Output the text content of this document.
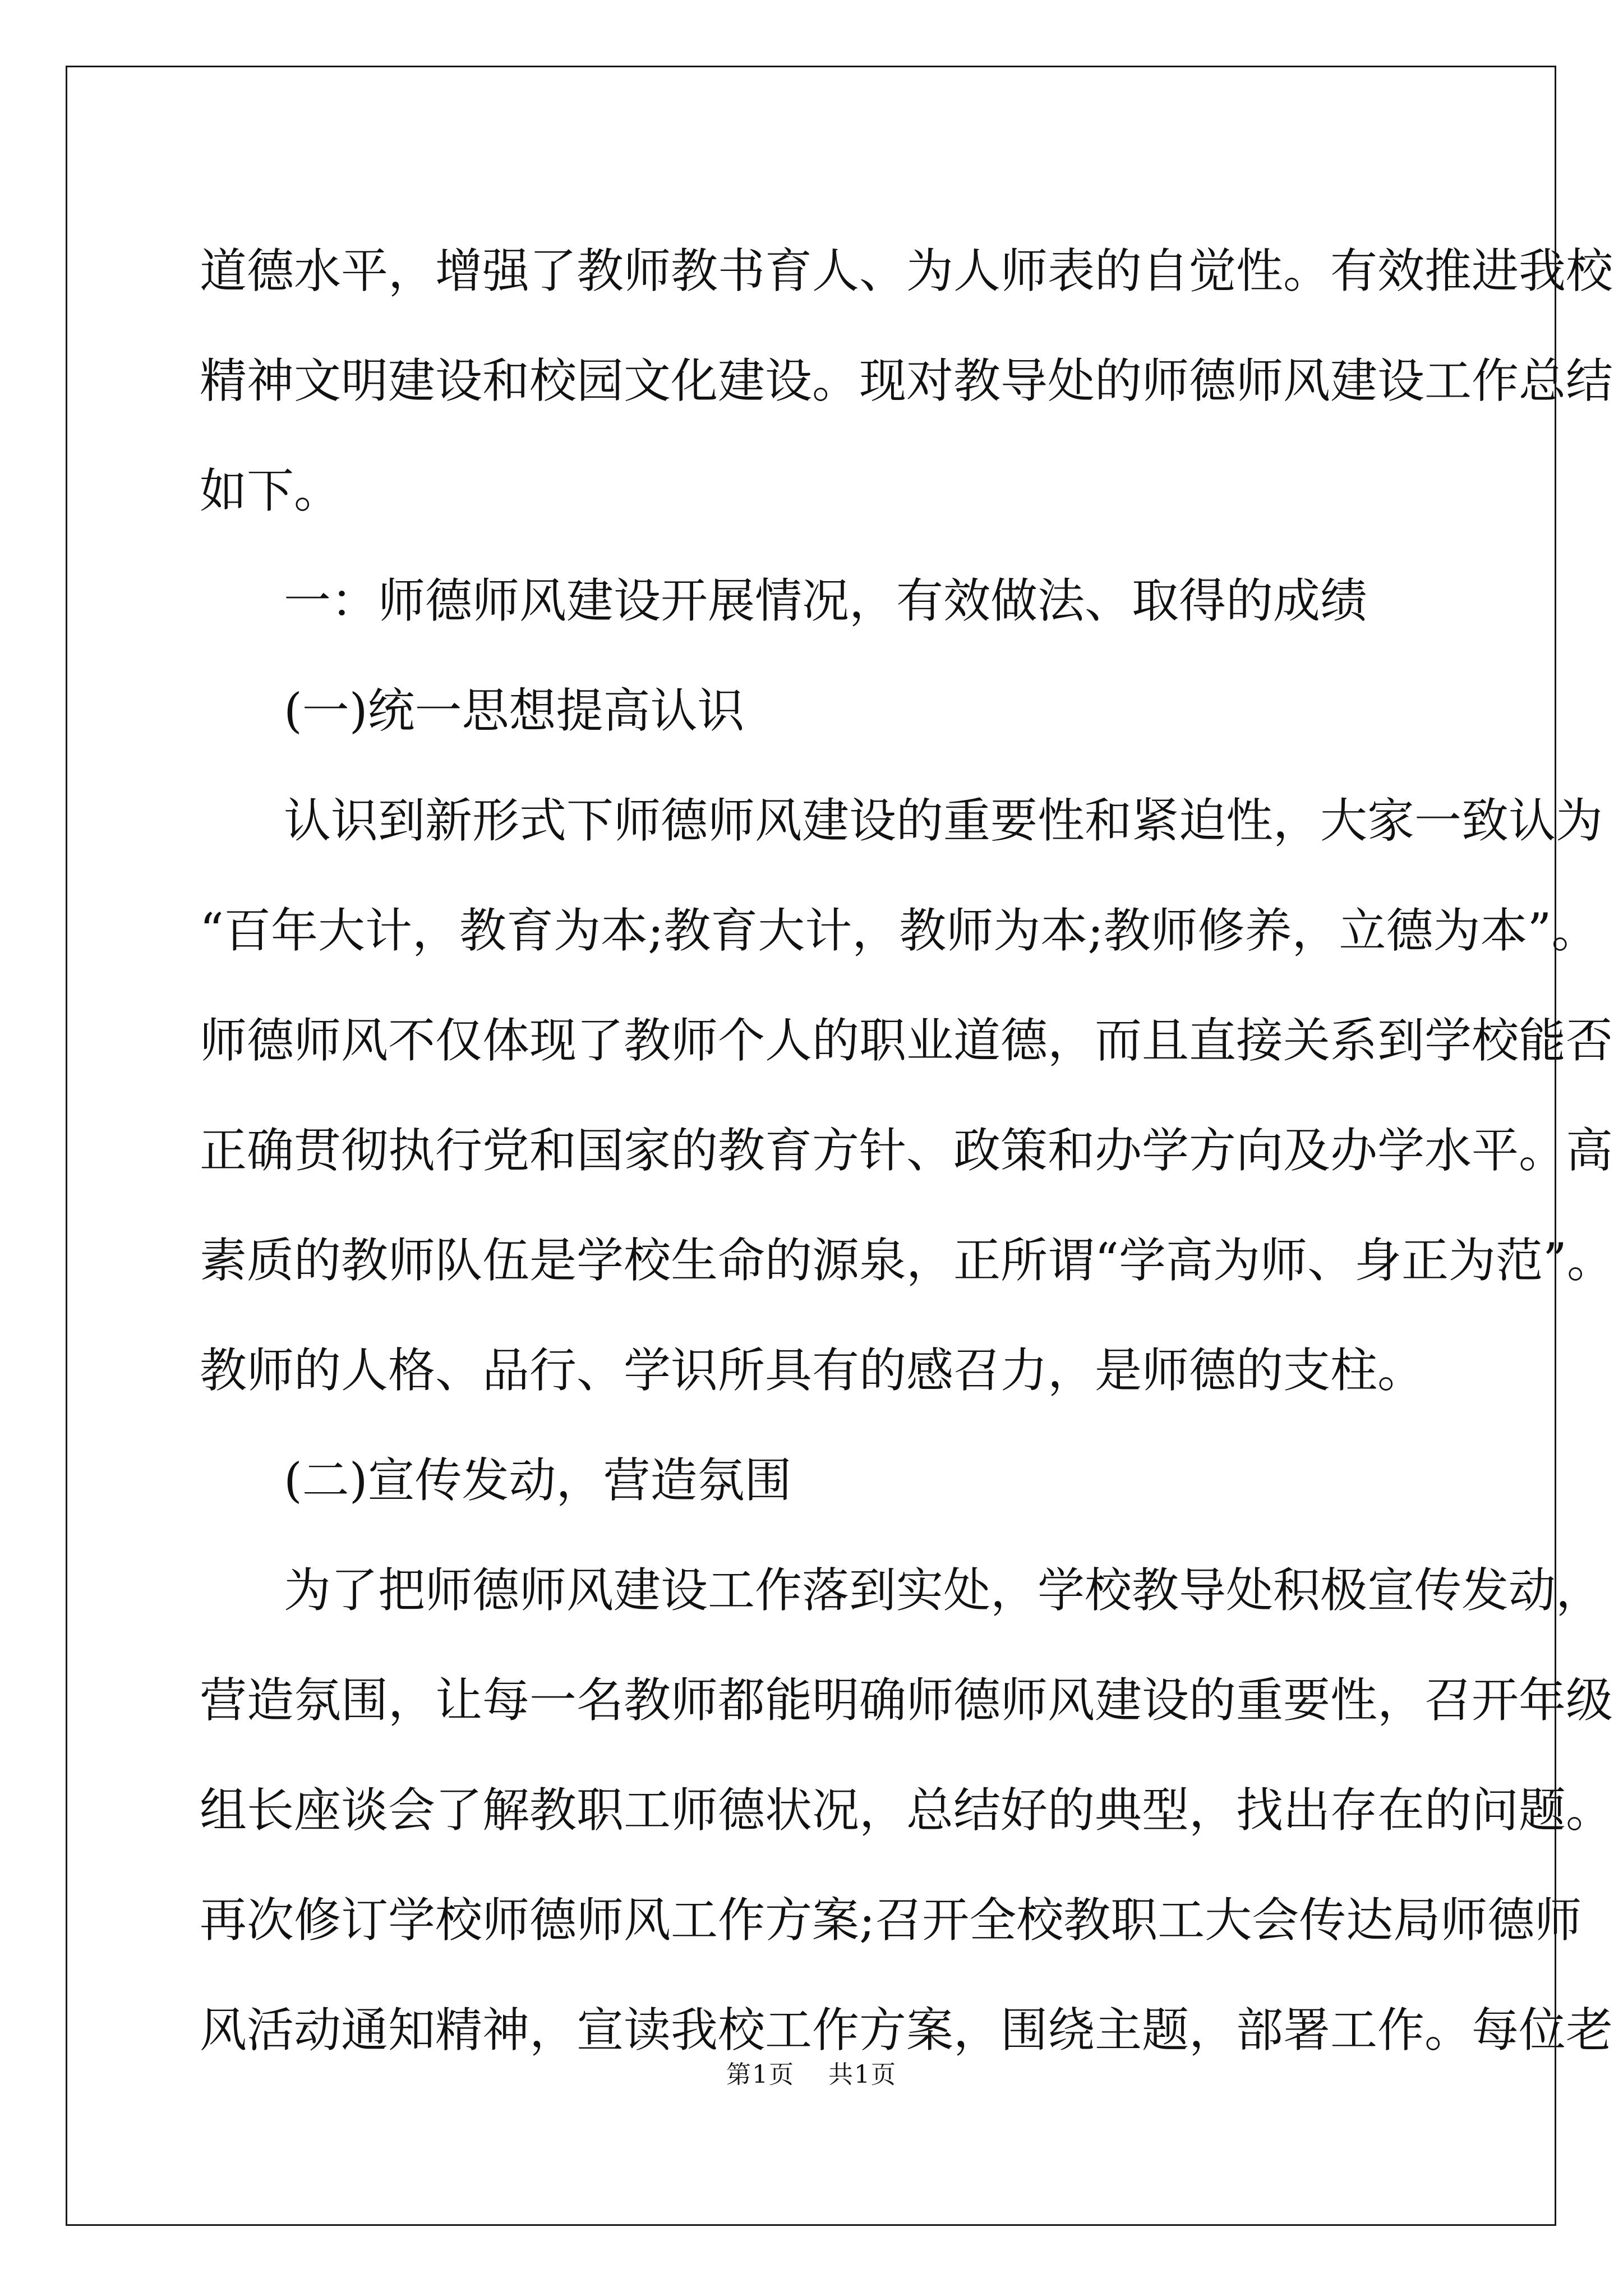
道德水平，增强了教师教书育人、为人师表的自觉性。有效推进我校
精神文明建设和校园文化建设。现对教导处的师德师风建设工作总结
如下。
一：师德师风建设开展情况，有效做法、取得的成绩
(一)统一思想提高认识
认识到新形式下师德师风建设的重要性和紧迫性，大家一致认为
“百年大计，教育为本;教育大计，教师为本;教师修养，立德为本”。
师德师风不仅体现了教师个人的职业道德，而且直接关系到学校能否
正确贯彻执行党和国家的教育方针、政策和办学方向及办学水平。高
素质的教师队伍是学校生命的源泉，正所谓“学高为师、身正为范”。
教师的人格、品行、学识所具有的感召力，是师德的支柱。
(二)宣传发动，营造氛围
为了把师德师风建设工作落到实处，学校教导处积极宣传发动，
营造氛围，让每一名教师都能明确师德师风建设的重要性，召开年级
组长座谈会了解教职工师德状况，总结好的典型，找出存在的问题。
再次修订学校师德师风工作方案;召开全校教职工大会传达局师德师
风活动通知精神，宣读我校工作方案，围绕主题，部署工作。每位老
第1页 共1页
